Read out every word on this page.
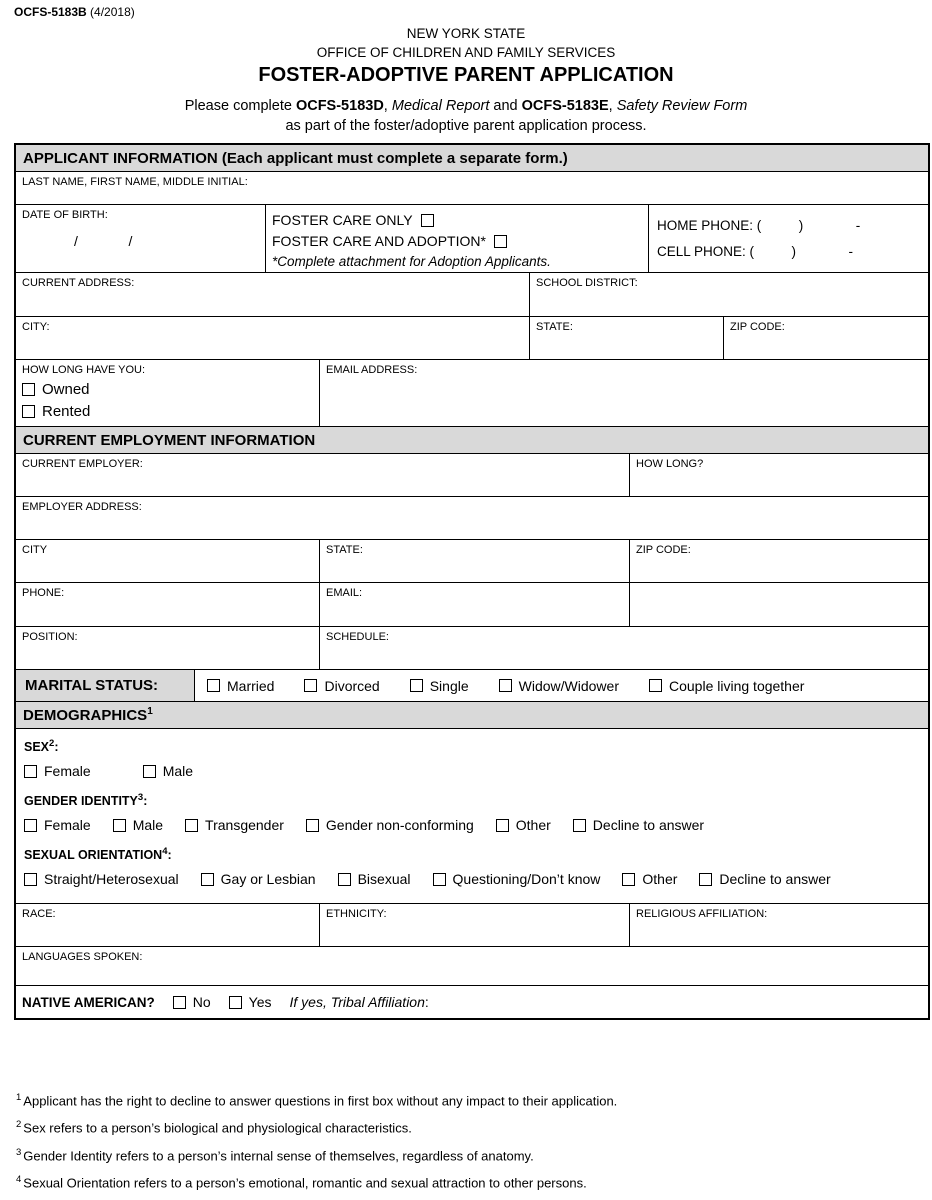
OCFS-5183B (4/2018)
NEW YORK STATE
OFFICE OF CHILDREN AND FAMILY SERVICES
FOSTER-ADOPTIVE PARENT APPLICATION
Please complete OCFS-5183D, Medical Report and OCFS-5183E, Safety Review Form
as part of the foster/adoptive parent application process.
APPLICANT INFORMATION (Each applicant must complete a separate form.)
LAST NAME, FIRST NAME, MIDDLE INITIAL:
DATE OF BIRTH:
/             /
FOSTER CARE ONLY
FOSTER CARE AND ADOPTION*
*Complete attachment for Adoption Applicants.
HOME PHONE: (          )              -
CELL PHONE: (          )              -
CURRENT ADDRESS:	SCHOOL DISTRICT:
CITY:	STATE:	ZIP CODE:
HOW LONG HAVE YOU:
Owned
Rented
EMAIL ADDRESS:
CURRENT EMPLOYMENT INFORMATION
CURRENT EMPLOYER:	HOW LONG?
EMPLOYER ADDRESS:
CITY	STATE:	ZIP CODE:
PHONE:	EMAIL:
POSITION:	SCHEDULE:
MARITAL STATUS:	Married	Divorced	Single	Widow/Widower	Couple living together
DEMOGRAPHICS$^1$
SEX$^2$:
Female	Male
GENDER IDENTITY$^3$:
Female	Male	Transgender	Gender non-conforming	Other	Decline to answer
SEXUAL ORIENTATION$^4$:
Straight/Heterosexual	Gay or Lesbian	Bisexual	Questioning/Don’t know	Other	Decline to answer
RACE:	ETHNICITY:	RELIGIOUS AFFILIATION:
LANGUAGES SPOKEN:
NATIVE AMERICAN?	No	Yes If yes, Tribal Affiliation:
$^1$ Applicant has the right to decline to answer questions in first box without any impact to their application.
$^2$ Sex refers to a person’s biological and physiological characteristics.
$^3$ Gender Identity refers to a person’s internal sense of themselves, regardless of anatomy.
$^4$ Sexual Orientation refers to a person’s emotional, romantic and sexual attraction to other persons.
